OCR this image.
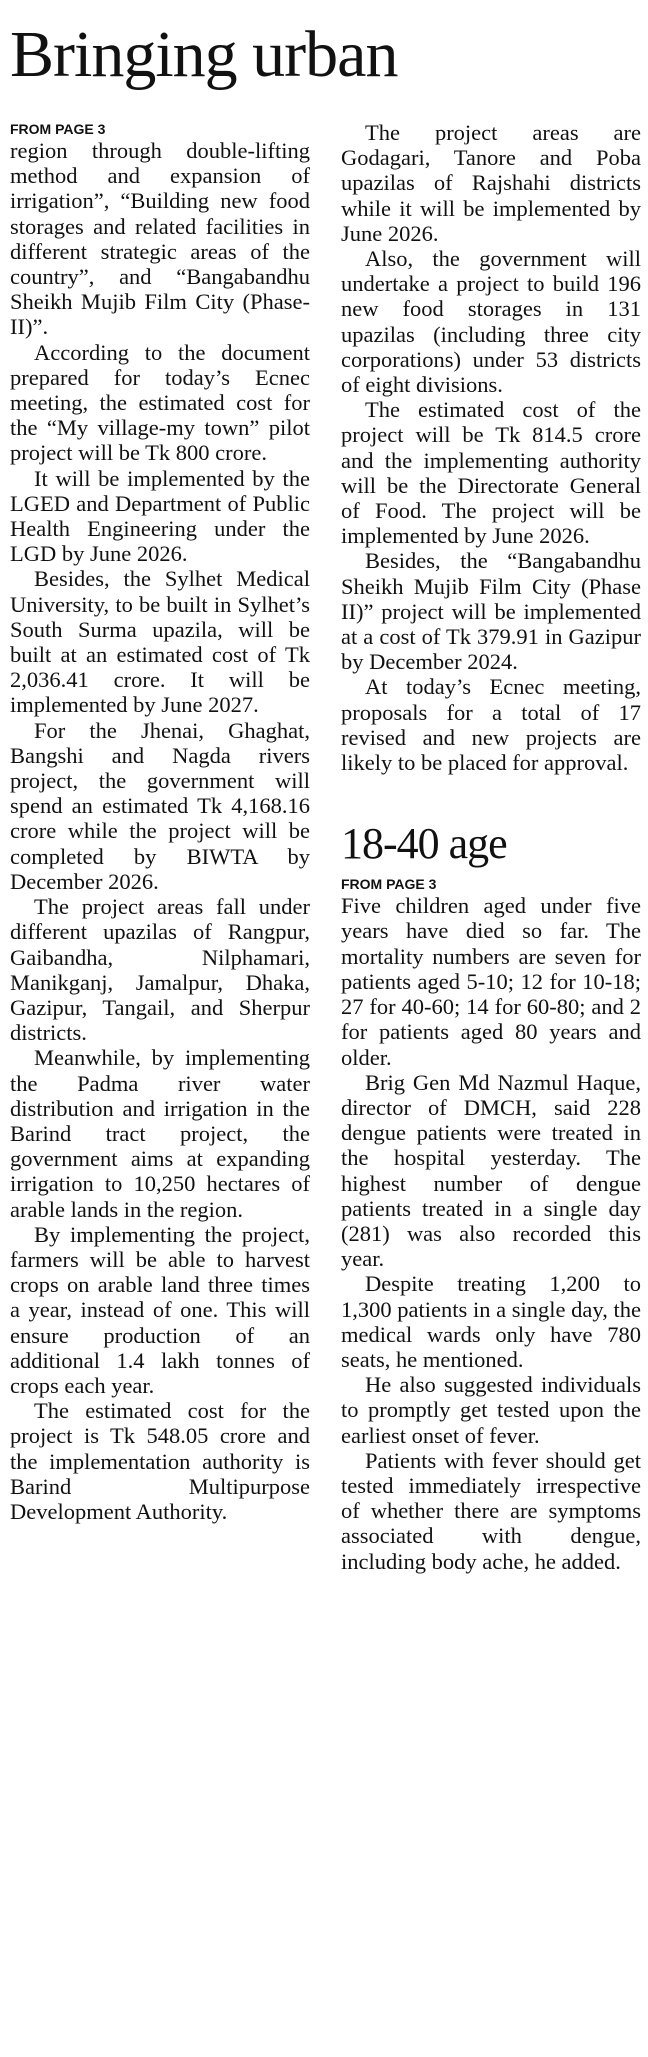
Bringing urban

FROM PAGE 3

region through double-lifting method and expansion of irrigation”, “Building new food storages and related facilities in different strategic areas of the country”, and “Bangabandhu Sheikh Mujib Film City (Phase-II)”.

According to the document prepared for today’s Ecnec meeting, the estimated cost for the “My village-my town” pilot project will be Tk 800 crore.

It will be implemented by the LGED and Department of Public Health Engineering under the LGD by June 2026.

Besides, the Sylhet Medical University, to be built in Sylhet’s South Surma upazila, will be built at an estimated cost of Tk 2,036.41 crore. It will be implemented by June 2027.

For the Jhenai, Ghaghat, Bangshi and Nagda rivers project, the government will spend an estimated Tk 4,168.16 crore while the project will be completed by BIWTA by December 2026.

The project areas fall under different upazilas of Rangpur, Gaibandha, Nilphamari, Manikganj, Jamalpur, Dhaka, Gazipur, Tangail, and Sherpur districts.

Meanwhile, by implementing the Padma river water distribution and irrigation in the Barind tract project, the government aims at expanding irrigation to 10,250 hectares of arable lands in the region.

By implementing the project, farmers will be able to harvest crops on arable land three times a year, instead of one. This will ensure production of an additional 1.4 lakh tonnes of crops each year.

The estimated cost for the project is Tk 548.05 crore and the implementation authority is Barind Multipurpose Development Authority.

The project areas are Godagari, Tanore and Poba upazilas of Rajshahi districts while it will be implemented by June 2026.

Also, the government will undertake a project to build 196 new food storages in 131 upazilas (including three city corporations) under 53 districts of eight divisions.

The estimated cost of the project will be Tk 814.5 crore and the implementing authority will be the Directorate General of Food. The project will be implemented by June 2026.

Besides, the “Bangabandhu Sheikh Mujib Film City (Phase II)” project will be implemented at a cost of Tk 379.91 in Gazipur by December 2024.

At today’s Ecnec meeting, proposals for a total of 17 revised and new projects are likely to be placed for approval.

18-40 age

FROM PAGE 3

Five children aged under five years have died so far. The mortality numbers are seven for patients aged 5-10; 12 for 10-18; 27 for 40-60; 14 for 60-80; and 2 for patients aged 80 years and older.

Brig Gen Md Nazmul Haque, director of DMCH, said 228 dengue patients were treated in the hospital yesterday. The highest number of dengue patients treated in a single day (281) was also recorded this year.

Despite treating 1,200 to 1,300 patients in a single day, the medical wards only have 780 seats, he mentioned.

He also suggested individuals to promptly get tested upon the earliest onset of fever.

Patients with fever should get tested immediately irrespective of whether there are symptoms associated with dengue, including body ache, he added.
